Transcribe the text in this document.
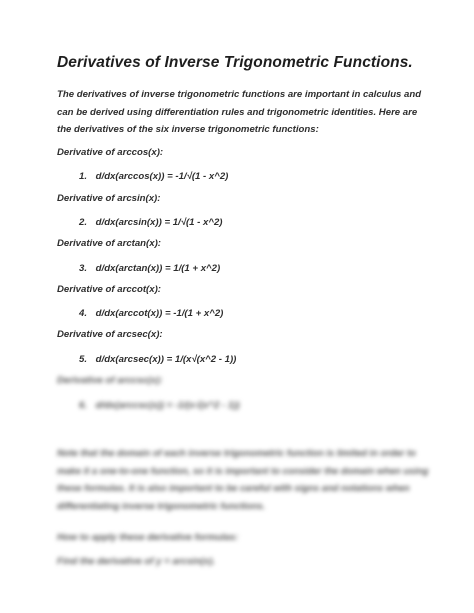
Derivatives of Inverse Trigonometric Functions.
The derivatives of inverse trigonometric functions are important in calculus and can be derived using differentiation rules and trigonometric identities. Here are the derivatives of the six inverse trigonometric functions:
Derivative of arccos(x):
1. d/dx(arccos(x)) = -1/√(1 - x^2)
Derivative of arcsin(x):
2. d/dx(arcsin(x)) = 1/√(1 - x^2)
Derivative of arctan(x):
3. d/dx(arctan(x)) = 1/(1 + x^2)
Derivative of arccot(x):
4. d/dx(arccot(x)) = -1/(1 + x^2)
Derivative of arcsec(x):
5. d/dx(arcsec(x)) = 1/(x√(x^2 - 1))
Derivative of arccsc(x):
6. d/dx(arccsc(x)) = -1/(x√(x^2 - 1))
Note that the domain of each inverse trigonometric function is limited in order to make it a one-to-one function, so it is important to consider the domain when using these formulas. It is also important to be careful with signs and notations when differentiating inverse trigonometric functions.
How to apply these derivative formulas:
Find the derivative of y = arcsin(x).
